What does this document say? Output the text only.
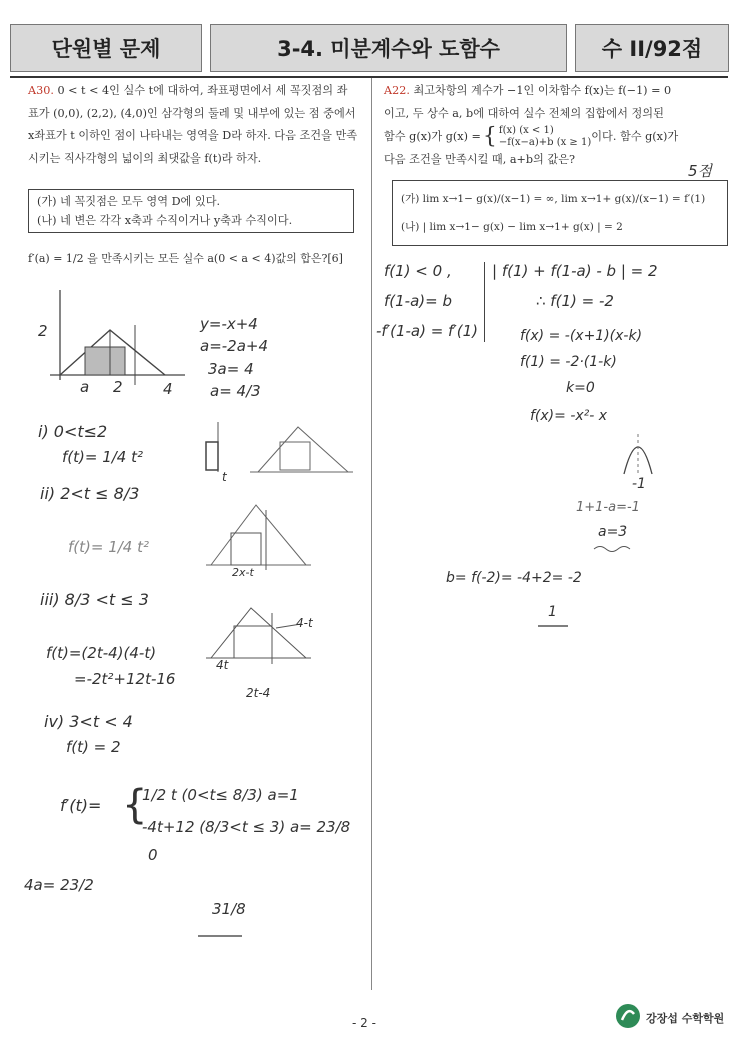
단원별 문제	3-4. 미분계수와 도함수	수 II/92점
A30. 0 < t < 4인 실수 t에 대하여, 좌표평면에서 세 꼭짓점의 좌표가 (0,0), (2,2), (4,0)인 삼각형의 둘레 및 내부에 있는 점 중에서 x좌표가 t 이하인 점이 나타내는 영역을 D라 하자. 다음 조건을 만족시키는 직사각형의 넓이의 최댓값을 f(t)라 하자.
(가) 네 꼭짓점은 모두 영역 D에 있다.
(나) 네 변은 각각 x축과 수직이거나 y축과 수직이다.
f′(a) = 1/2 을 만족시키는 모든 실수 a(0 < a < 4)값의 합은?[6]
A22. 최고차항의 계수가 −1인 이차함수 f(x)는 f(−1) = 0
이고, 두 상수 a, b에 대하여 실수 전체의 집합에서 정의된
함수 g(x)가 g(x) = { f(x) (x < 1)
−f(x−a)+b (x ≥ 1) 이다. 함수 g(x)가
다음 조건을 만족시킬 때, a+b의 값은?
5점
(가) lim x→1− g(x)/(x−1) = ∞, lim x→1+ g(x)/(x−1) = f′(1)
(나) | lim x→1− g(x) − lim x→1+ g(x) | = 2
2
a 2	4
y=-x+4
a=-2a+4
3a= 4
a= 4/3
i) 0<t≤2
f(t)= 1/4 t²
ii) 2<t ≤ 8/3
f(t)= 1/4 t²
iii) 8/3 <t ≤ 3
f(t)=(2t-4)(4-t)
=-2t²+12t-16
iv) 3<t < 4
f(t) = 2
t
2x-t
4-t
4t
2t-4
f′(t)= {
1/2 t (0<t≤ 8/3) a=1
-4t+12 (8/3<t ≤ 3) a= 23/8
0
4a= 23/2
31/8
f(1) < 0 ,
f(1-a)= b
-f′(1-a) = f′(1)
| f(1) + f(1-a) - b | = 2
∴ f(1) = -2
f(x) = -(x+1)(x-k)
f(1) = -2·(1-k)
k=0
f(x)= -x²- x
-1
1+1-a=-1
a=3
b= f(-2)= -4+2= -2
1
- 2 -	강장섭 수학학원
